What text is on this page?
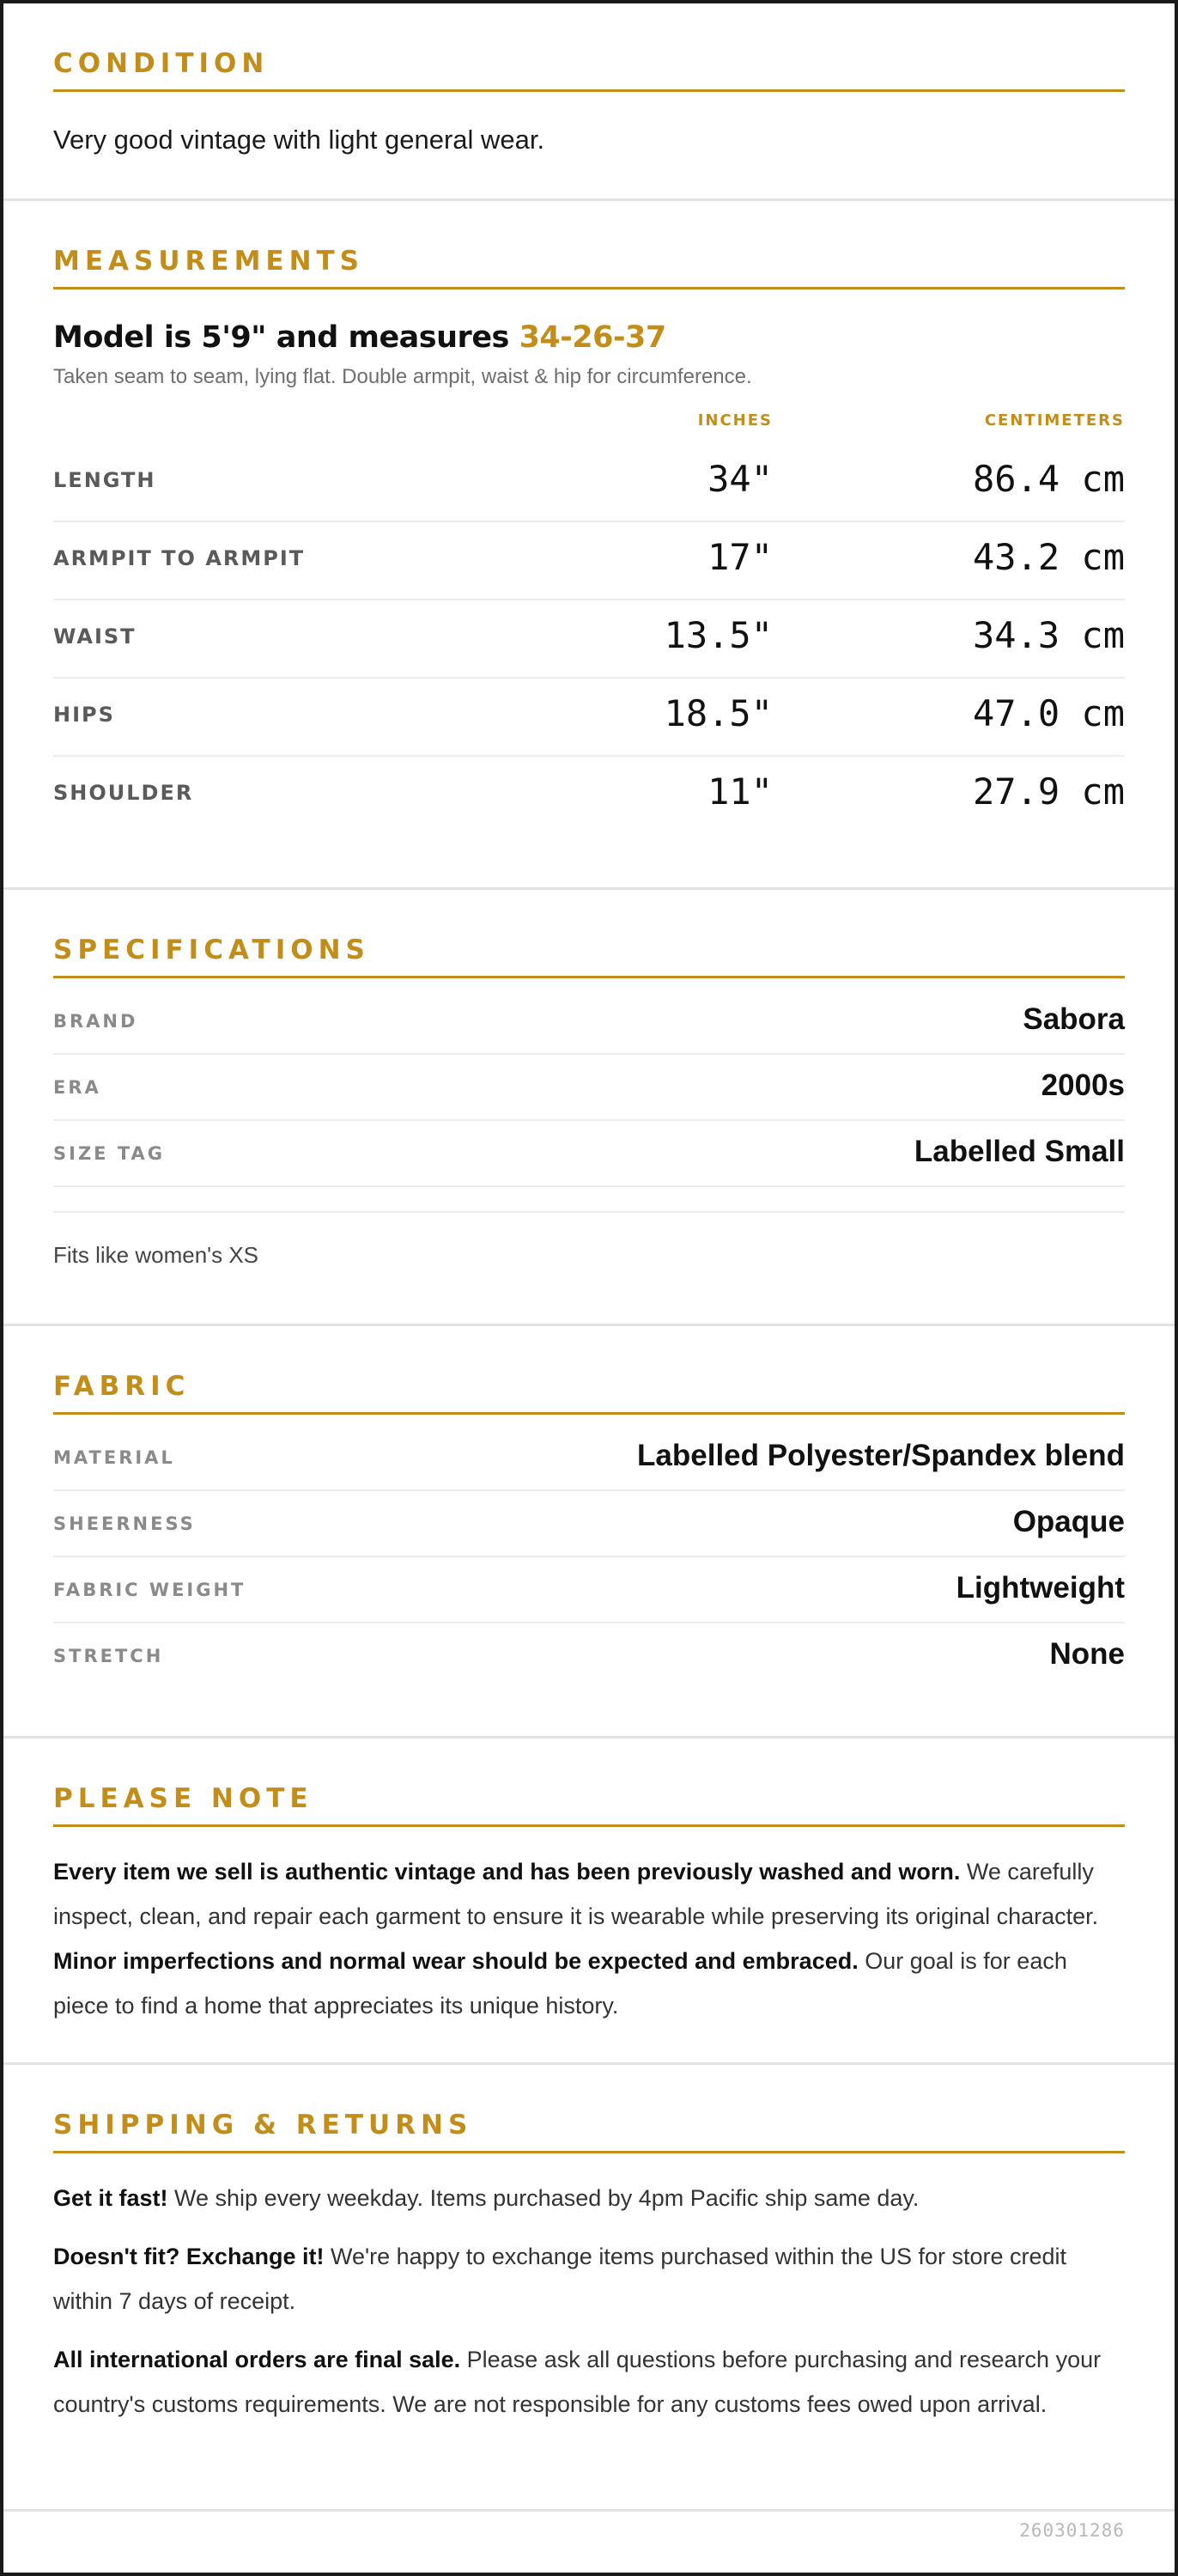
CONDITION
Very good vintage with light general wear.
MEASUREMENTS
Model is 5'9" and measures 34-26-37
Taken seam to seam, lying flat. Double armpit, waist & hip for circumference.
INCHES	CENTIMETERS
LENGTH	34"	86.4 cm
ARMPIT TO ARMPIT	17"	43.2 cm
WAIST	13.5"	34.3 cm
HIPS	18.5"	47.0 cm
SHOULDER	11"	27.9 cm
SPECIFICATIONS
BRAND	Sabora
ERA	2000s
SIZE TAG	Labelled Small
Fits like women's XS
FABRIC
MATERIAL	Labelled Polyester/Spandex blend
SHEERNESS	Opaque
FABRIC WEIGHT	Lightweight
STRETCH	None
PLEASE NOTE
Every item we sell is authentic vintage and has been previously washed and worn. We carefully inspect, clean, and repair each garment to ensure it is wearable while preserving its original character. Minor imperfections and normal wear should be expected and embraced. Our goal is for each piece to find a home that appreciates its unique history.
SHIPPING & RETURNS
Get it fast! We ship every weekday. Items purchased by 4pm Pacific ship same day.
Doesn't fit? Exchange it! We're happy to exchange items purchased within the US for store credit within 7 days of receipt.
All international orders are final sale. Please ask all questions before purchasing and research your country's customs requirements. We are not responsible for any customs fees owed upon arrival.
260301286
